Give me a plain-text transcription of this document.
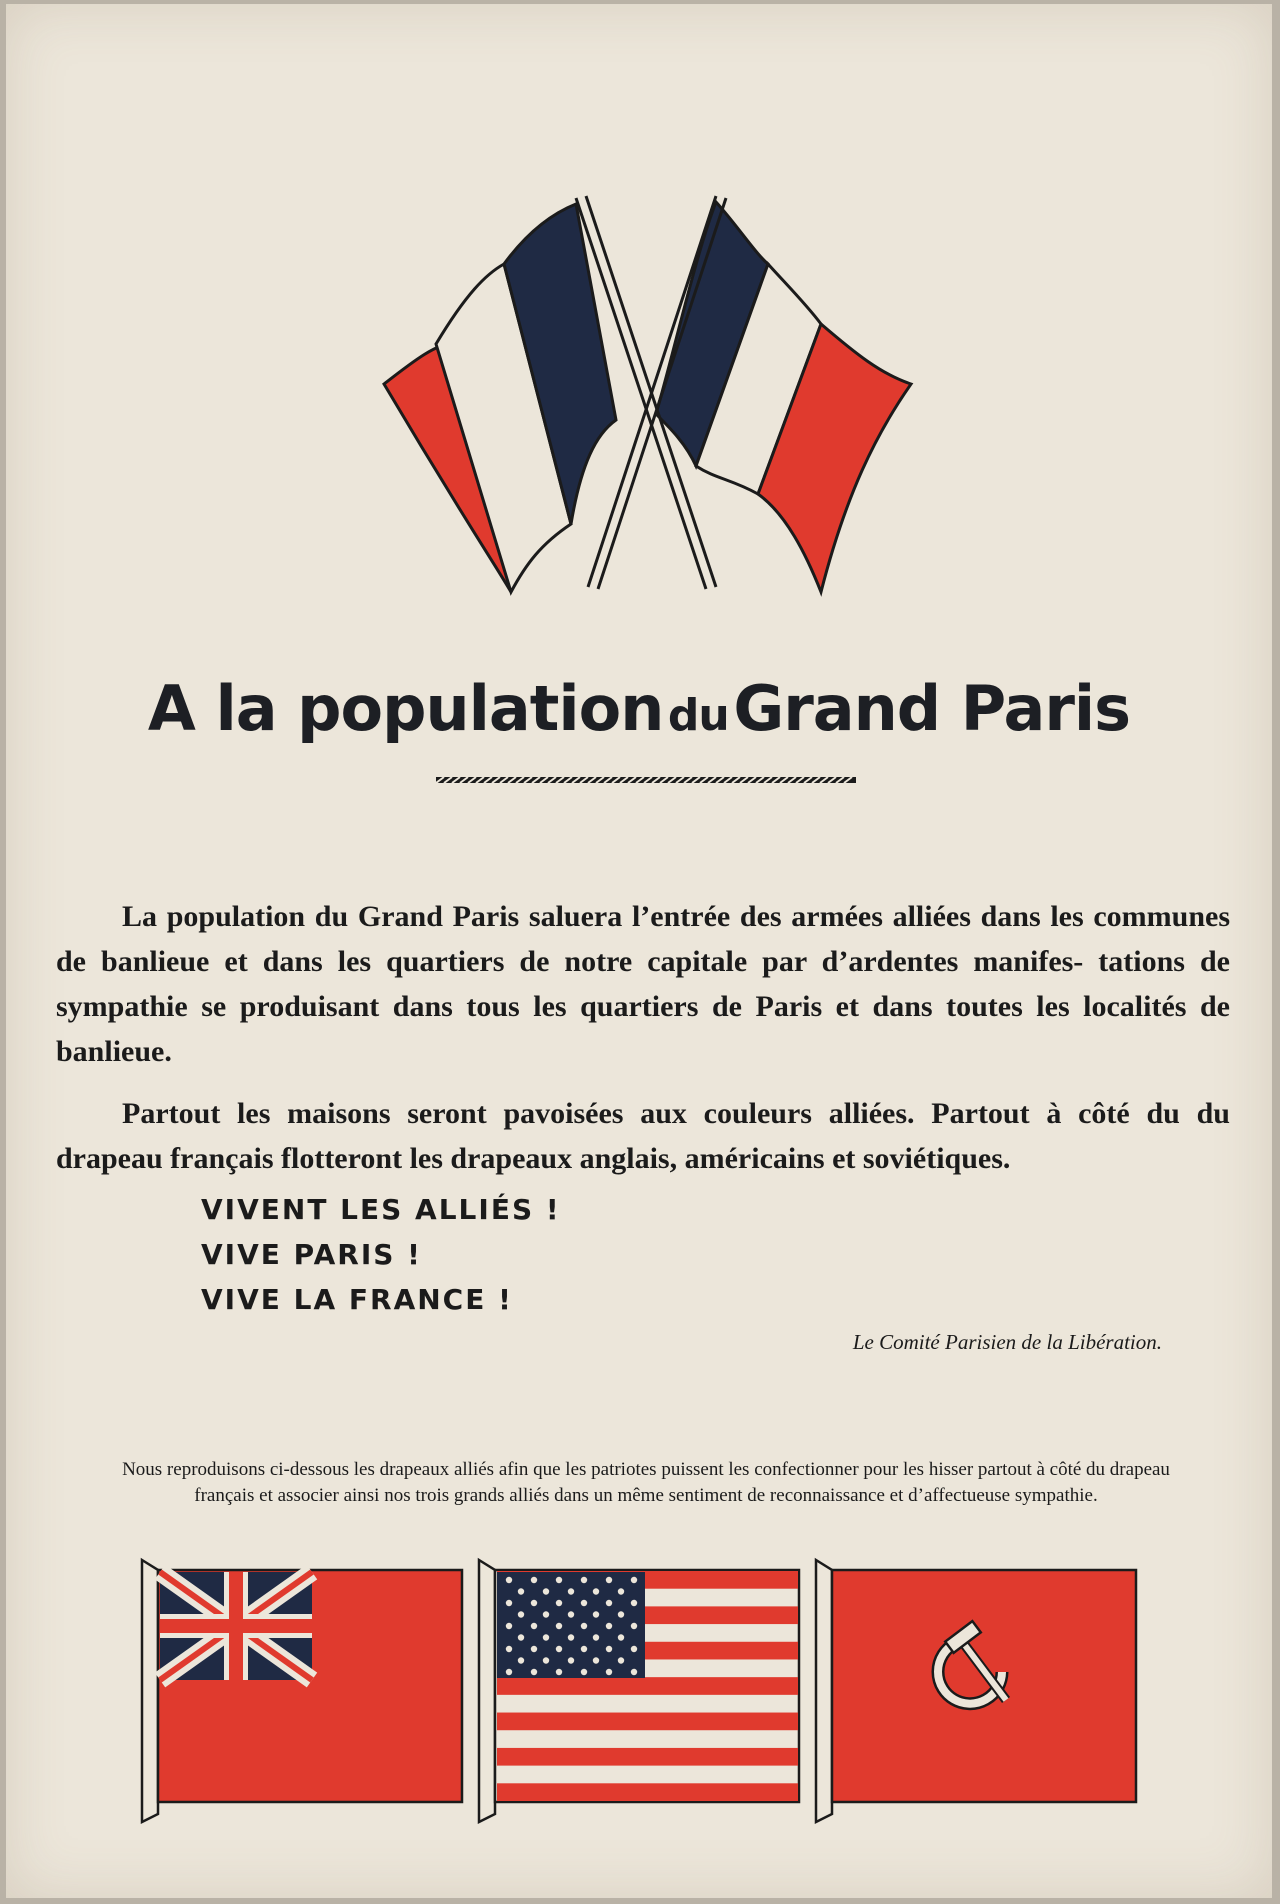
A la population du Grand Paris

La population du Grand Paris saluera l’entrée des armées alliées dans les communes de banlieue et dans les quartiers de notre capitale par d’ardentes manifes- tations de sympathie se produisant dans tous les quartiers de Paris et dans toutes les localités de banlieue.

Partout les maisons seront pavoisées aux couleurs alliées. Partout à côté du du drapeau français flotteront les drapeaux anglais, américains et soviétiques.

VIVENT LES ALLIÉS !
VIVE PARIS !
VIVE LA FRANCE !
Le Comité Parisien de la Libération.
Nous reproduisons ci-dessous les drapeaux alliés afin que les patriotes puissent les confectionner pour les hisser partout à côté du drapeau français et associer ainsi nos trois grands alliés dans un même sentiment de reconnaissance et d’affectueuse sympathie.
